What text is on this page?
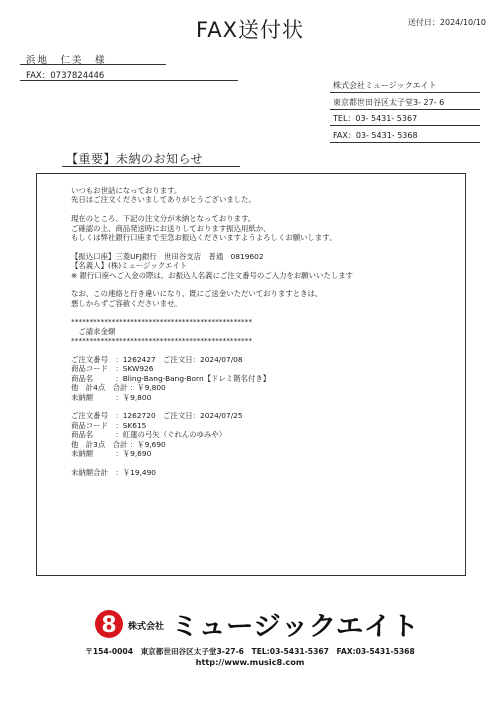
FAX送付状	送付日：2024/10/10
浜地　仁美　様
FAX：0737824446
株式会社ミュージックエイト
東京都世田谷区太子堂3- 27- 6
TEL：03- 5431- 5367
FAX：03- 5431- 5368
【重要】未納のお知らせ
いつもお世話になっております。
先日はご注文くださいましてありがとうございました。
現在のところ、下記の注文分が未納となっております。
ご確認の上、商品発送時にお送りしております振込用紙か、
もしくは弊社銀行口座まで至急お振込くださいますようよろしくお願いします。
【振込口座】三菱UFJ銀行　世田谷支店　普通　0819602
【名義人】(株)ミュージックエイト
※ 銀行口座へご入金の際は、お振込人名義にご注文番号のご入力をお願いいたします
なお、この連絡と行き違いになり、既にご送金いただいておりますときは、
悪しからずご容赦くださいませ。
*************************************************
　ご請求金額
*************************************************
ご注文番号　：1262427　ご注文日：2024/07/08
商品コード　：SKW926
商品名　　　：Bling-Bang-Bang-Born【ドレミ階名付き】
他　計4点　合計 ：￥9,800
未納額　　　：￥9,800
ご注文番号　：1262720　ご注文日：2024/07/25
商品コード　：SK615
商品名　　　：紅蓮の弓矢（ぐれんのゆみや）
他　計3点　合計 ：￥9,690
未納額　　　：￥9,690
未納額合計　：￥19,490
8 株式会社 ミュージックエイト
〒154-0004　東京都世田谷区太子堂3-27-6　TEL:03-5431-5367　FAX:03-5431-5368
http://www.music8.com
